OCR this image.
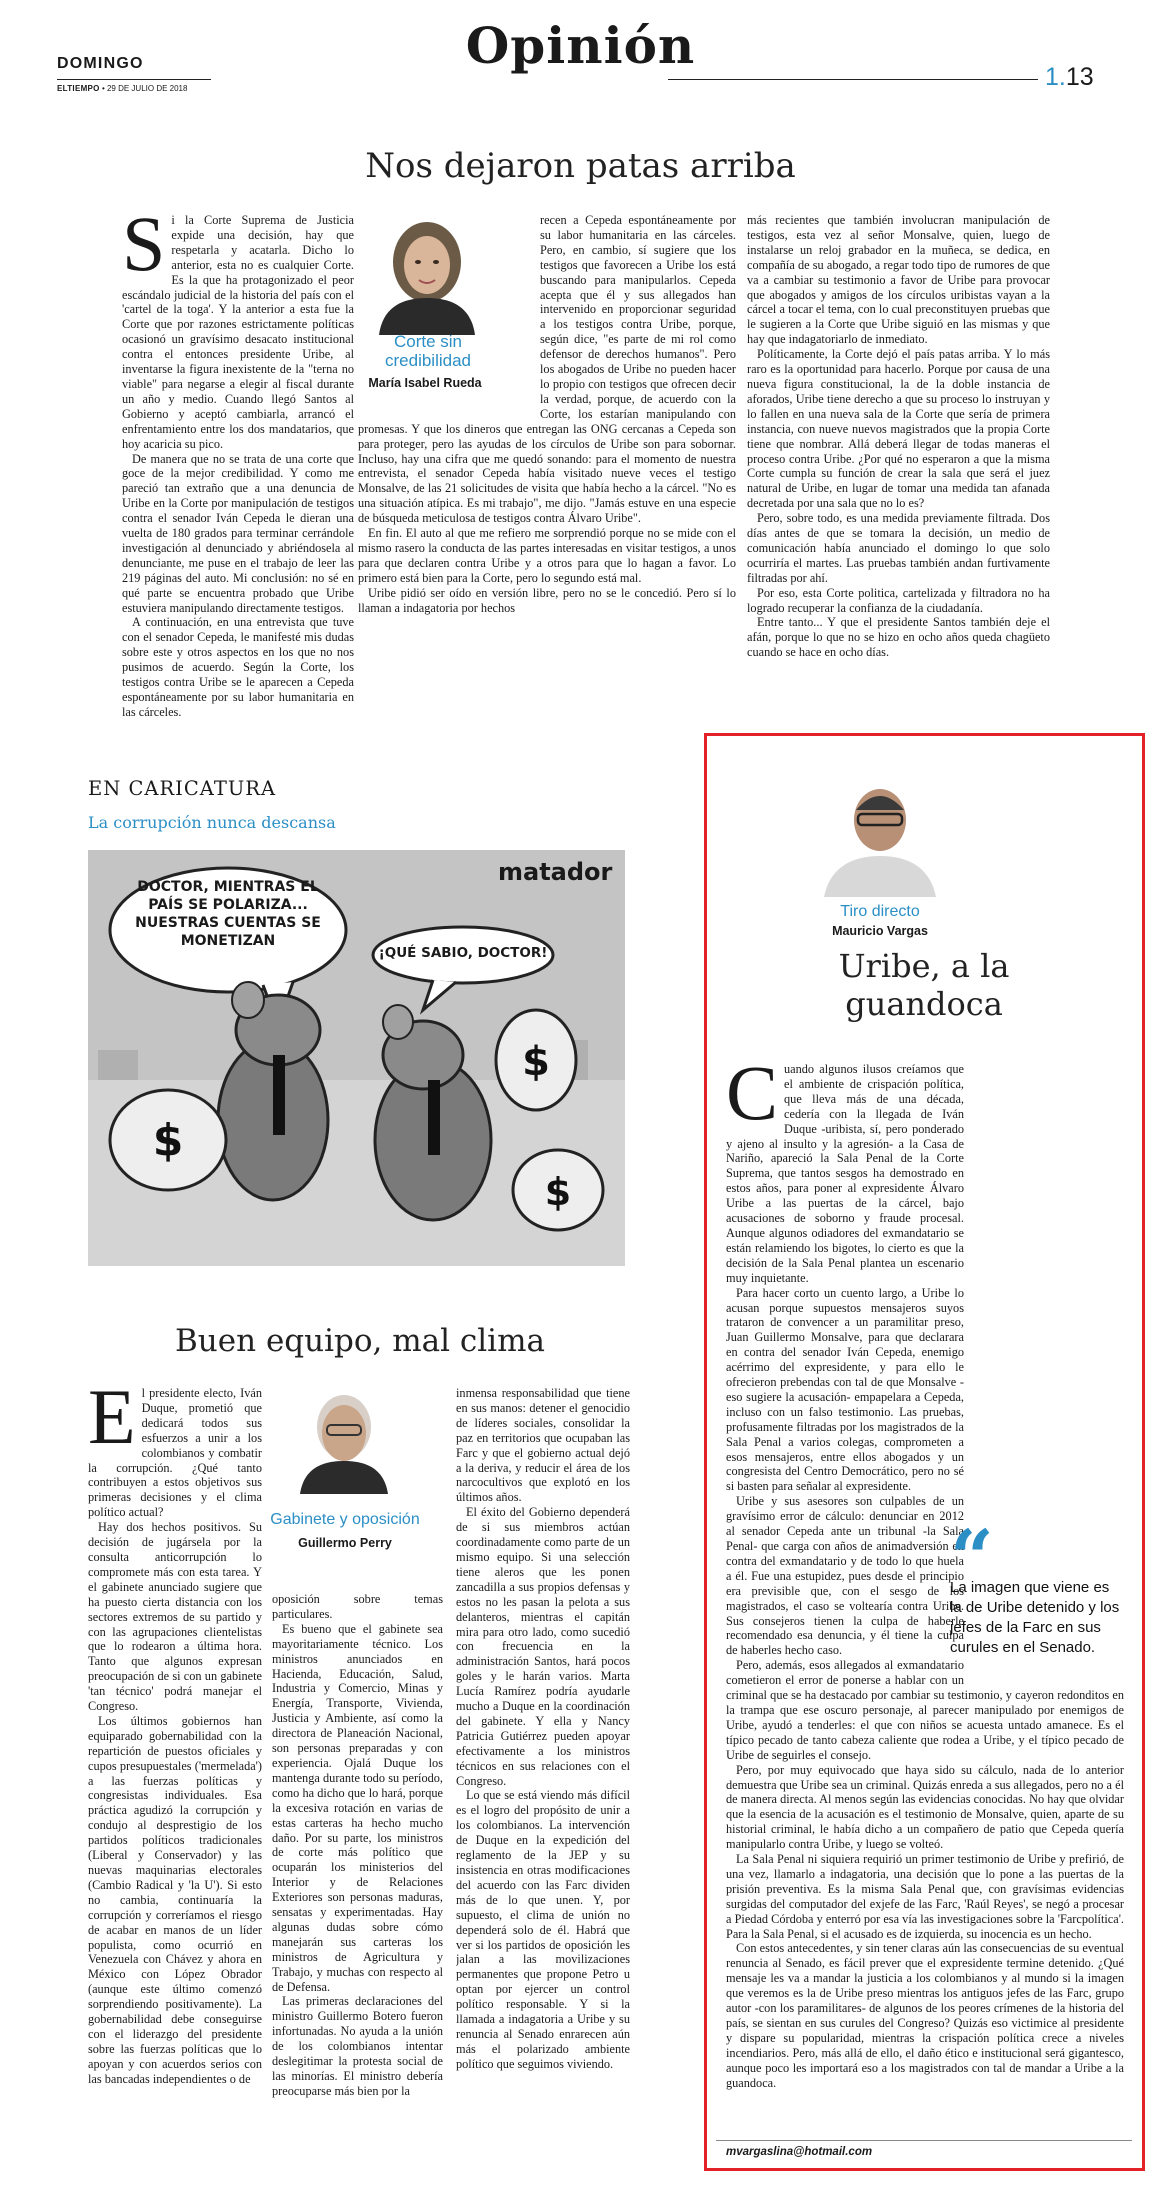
Opinión
DOMINGO
ELTIEMPO • 29 DE JULIO DE 2018	1.13
Nos dejaron patas arriba

Si la Corte Suprema de Justicia expide una decisión, hay que respetarla y acatarla. Dicho lo anterior, esta no es cualquier Corte. Es la que ha protagonizado el peor escándalo judicial de la historia del país con el 'cartel de la toga'. Y la anterior a esta fue la Corte que por razones estrictamente políticas ocasionó un gravísimo desacato institucional contra el entonces presidente Uribe, al inventarse la figura inexistente de la "terna no viable" para negarse a elegir al fiscal durante un año y medio. Cuando llegó Santos al Gobierno y aceptó cambiarla, arrancó el enfrentamiento entre los dos mandatarios, que hoy acaricia su pico.

De manera que no se trata de una corte que goce de la mejor credibilidad. Y como me pareció tan extraño que a una denuncia de Uribe en la Corte por manipulación de testigos contra el senador Iván Cepeda le dieran una vuelta de 180 grados para terminar cerrándole investigación al denunciado y abriéndosela al denunciante, me puse en el trabajo de leer las 219 páginas del auto. Mi conclusión: no sé en qué parte se encuentra probado que Uribe estuviera manipulando directamente testigos.

A continuación, en una entrevista que tuve con el senador Cepeda, le manifesté mis dudas sobre este y otros aspectos en los que no nos pusimos de acuerdo. Según la Corte, los testigos contra Uribe se le aparecen a Cepeda espontáneamente por su labor humanitaria en las cárceles.

Corte sin credibilidad
María Isabel Rueda

recen a Cepeda espontáneamente por su labor humanitaria en las cárceles. Pero, en cambio, sí sugiere que los testigos que favorecen a Uribe los está buscando para manipularlos. Cepeda acepta que él y sus allegados han intervenido en proporcionar seguridad a los testigos contra Uribe, porque, según dice, "es parte de mi rol como defensor de derechos humanos". Pero los abogados de Uribe no pueden hacer lo propio con testigos que ofrecen decir la verdad, porque, de acuerdo con la Corte, los estarían manipulando con promesas. Y que los dineros que entregan las ONG cercanas a Cepeda son para proteger, pero las ayudas de los círculos de Uribe son para sobornar. Incluso, hay una cifra que me quedó sonando: para el momento de nuestra entrevista, el senador Cepeda había visitado nueve veces el testigo Monsalve, de las 21 solicitudes de visita que había hecho a la cárcel. "No es una situación atípica. Es mi trabajo", me dijo. "Jamás estuve en una especie de búsqueda meticulosa de testigos contra Álvaro Uribe".

En fin. El auto al que me refiero me sorprendió porque no se mide con el mismo rasero la conducta de las partes interesadas en visitar testigos, a unos para que declaren contra Uribe y a otros para que lo hagan a favor. Lo primero está bien para la Corte, pero lo segundo está mal.

Uribe pidió ser oído en versión libre, pero no se le concedió. Pero sí lo llaman a indagatoria por hechos

más recientes que también involucran manipulación de testigos, esta vez al señor Monsalve, quien, luego de instalarse un reloj grabador en la muñeca, se dedica, en compañía de su abogado, a regar todo tipo de rumores de que va a cambiar su testimonio a favor de Uribe para provocar que abogados y amigos de los círculos uribistas vayan a la cárcel a tocar el tema, con lo cual preconstituyen pruebas que le sugieren a la Corte que Uribe siguió en las mismas y que hay que indagatoriarlo de inmediato.

Políticamente, la Corte dejó el país patas arriba. Y lo más raro es la oportunidad para hacerlo. Porque por causa de una nueva figura constitucional, la de la doble instancia de aforados, Uribe tiene derecho a que su proceso lo instruyan y lo fallen en una nueva sala de la Corte que sería de primera instancia, con nueve nuevos magistrados que la propia Corte tiene que nombrar. Allá deberá llegar de todas maneras el proceso contra Uribe. ¿Por qué no esperaron a que la misma Corte cumpla su función de crear la sala que será el juez natural de Uribe, en lugar de tomar una medida tan afanada decretada por una sala que no lo es?

Pero, sobre todo, es una medida previamente filtrada. Dos días antes de que se tomara la decisión, un medio de comunicación había anunciado el domingo lo que solo ocurriría el martes. Las pruebas también andan furtivamente filtradas por ahí.

Por eso, esta Corte politica, cartelizada y filtradora no ha logrado recuperar la confianza de la ciudadanía.

Entre tanto... Y que el presidente Santos también deje el afán, porque lo que no se hizo en ocho años queda chagüeto cuando se hace en ocho días.

EN CARICATURA
La corrupción nunca descansa
$
$
$
DOCTOR, MIENTRAS EL PAÍS SE POLARIZA... NUESTRAS CUENTAS SE MONETIZAN
¡QUÉ SABIO, DOCTOR!
matador
Buen equipo, mal clima

El presidente electo, Iván Duque, prometió que dedicará todos sus esfuerzos a unir a los colombianos y combatir la corrupción. ¿Qué tanto contribuyen a estos objetivos sus primeras decisiones y el clima político actual?

Hay dos hechos positivos. Su decisión de jugársela por la consulta anticorrupción lo compromete más con esta tarea. Y el gabinete anunciado sugiere que ha puesto cierta distancia con los sectores extremos de su partido y con las agrupaciones clientelistas que lo rodearon a última hora. Tanto que algunos expresan preocupación de si con un gabinete 'tan técnico' podrá manejar el Congreso.

Los últimos gobiernos han equiparado gobernabilidad con la repartición de puestos oficiales y cupos presupuestales ('mermelada') a las fuerzas políticas y congresistas individuales. Esa práctica agudizó la corrupción y condujo al desprestigio de los partidos políticos tradicionales (Liberal y Conservador) y las nuevas maquinarias electorales (Cambio Radical y 'la U'). Si esto no cambia, continuaría la corrupción y correríamos el riesgo de acabar en manos de un líder populista, como ocurrió en Venezuela con Chávez y ahora en México con López Obrador (aunque este último comenzó sorprendiendo positivamente). La gobernabilidad debe conseguirse con el liderazgo del presidente sobre las fuerzas políticas que lo apoyan y con acuerdos serios con las bancadas independientes o de

Gabinete y oposición
Guillermo Perry

oposición sobre temas particulares.

Es bueno que el gabinete sea mayoritariamente técnico. Los ministros anunciados en Hacienda, Educación, Salud, Industria y Comercio, Minas y Energía, Transporte, Vivienda, Justicia y Ambiente, así como la directora de Planeación Nacional, son personas preparadas y con experiencia. Ojalá Duque los mantenga durante todo su período, como ha dicho que lo hará, porque la excesiva rotación en varias de estas carteras ha hecho mucho daño. Por su parte, los ministros de corte más político que ocuparán los ministerios del Interior y de Relaciones Exteriores son personas maduras, sensatas y experimentadas. Hay algunas dudas sobre cómo manejarán sus carteras los ministros de Agricultura y Trabajo, y muchas con respecto al de Defensa.

Las primeras declaraciones del ministro Guillermo Botero fueron infortunadas. No ayuda a la unión de los colombianos intentar deslegitimar la protesta social de las minorías. El ministro debería preocuparse más bien por la

inmensa responsabilidad que tiene en sus manos: detener el genocidio de líderes sociales, consolidar la paz en territorios que ocupaban las Farc y que el gobierno actual dejó a la deriva, y reducir el área de los narcocultivos que explotó en los últimos años.

El éxito del Gobierno dependerá de si sus miembros actúan coordinadamente como parte de un mismo equipo. Si una selección tiene aleros que les ponen zancadilla a sus propios defensas y estos no les pasan la pelota a sus delanteros, mientras el capitán mira para otro lado, como sucedió con frecuencia en la administración Santos, hará pocos goles y le harán varios. Marta Lucía Ramírez podría ayudarle mucho a Duque en la coordinación del gabinete. Y ella y Nancy Patricia Gutiérrez pueden apoyar efectivamente a los ministros técnicos en sus relaciones con el Congreso.

Lo que se está viendo más difícil es el logro del propósito de unir a los colombianos. La intervención de Duque en la expedición del reglamento de la JEP y su insistencia en otras modificaciones del acuerdo con las Farc dividen más de lo que unen. Y, por supuesto, el clima de unión no dependerá solo de él. Habrá que ver si los partidos de oposición les jalan a las movilizaciones permanentes que propone Petro u optan por ejercer un control político responsable. Y si la llamada a indagatoria a Uribe y su renuncia al Senado enrarecen aún más el polarizado ambiente político que seguimos viviendo.

Tiro directo
Mauricio Vargas
Uribe, a la
guandoca

Cuando algunos ilusos creíamos que el ambiente de crispación política, que lleva más de una década, cedería con la llegada de Iván Duque -uribista, sí, pero ponderado y ajeno al insulto y la agresión- a la Casa de Nariño, apareció la Sala Penal de la Corte Suprema, que tantos sesgos ha demostrado en estos años, para poner al expresidente Álvaro Uribe a las puertas de la cárcel, bajo acusaciones de soborno y fraude procesal. Aunque algunos odiadores del exmandatario se están relamiendo los bigotes, lo cierto es que la decisión de la Sala Penal plantea un escenario muy inquietante.

Para hacer corto un cuento largo, a Uribe lo acusan porque supuestos mensajeros suyos trataron de convencer a un paramilitar preso, Juan Guillermo Monsalve, para que declarara en contra del senador Iván Cepeda, enemigo acérrimo del expresidente, y para ello le ofrecieron prebendas con tal de que Monsalve -eso sugiere la acusación- empapelara a Cepeda, incluso con un falso testimonio. Las pruebas, profusamente filtradas por los magistrados de la Sala Penal a varios colegas, comprometen a esos mensajeros, entre ellos abogados y un congresista del Centro Democrático, pero no sé si basten para señalar al expresidente.

Uribe y sus asesores son culpables de un gravísimo error de cálculo: denunciar en 2012 al senador Cepeda ante un tribunal -la Sala Penal- que carga con años de animadversión en contra del exmandatario y de todo lo que huela a él. Fue una estupidez, pues desde el principio era previsible que, con el sesgo de los magistrados, el caso se voltearía contra Uribe. Sus consejeros tienen la culpa de haberle recomendado esa denuncia, y él tiene la culpa de haberles hecho caso.

Pero, además, esos allegados al exmandatario cometieron el error de ponerse a hablar con un criminal que se ha destacado por cambiar su testimonio, y cayeron redonditos en la trampa que ese oscuro personaje, al parecer manipulado por enemigos de Uribe, ayudó a tenderles: el que con niños se acuesta untado amanece. Es el típico pecado de tanto cabeza caliente que rodea a Uribe, y el típico pecado de Uribe de seguirles el consejo.

Pero, por muy equivocado que haya sido su cálculo, nada de lo anterior demuestra que Uribe sea un criminal. Quizás enreda a sus allegados, pero no a él de manera directa. Al menos según las evidencias conocidas. No hay que olvidar que la esencia de la acusación es el testimonio de Monsalve, quien, aparte de su historial criminal, le había dicho a un compañero de patio que Cepeda quería manipularlo contra Uribe, y luego se volteó.

La Sala Penal ni siquiera requirió un primer testimonio de Uribe y prefirió, de una vez, llamarlo a indagatoria, una decisión que lo pone a las puertas de la prisión preventiva. Es la misma Sala Penal que, con gravísimas evidencias surgidas del computador del exjefe de las Farc, 'Raúl Reyes', se negó a procesar a Piedad Córdoba y enterró por esa vía las investigaciones sobre la 'Farcpolítica'. Para la Sala Penal, si el acusado es de izquierda, su inocencia es un hecho.

Con estos antecedentes, y sin tener claras aún las consecuencias de su eventual renuncia al Senado, es fácil prever que el expresidente termine detenido. ¿Qué mensaje les va a mandar la justicia a los colombianos y al mundo si la imagen que veremos es la de Uribe preso mientras los antiguos jefes de las Farc, grupo autor -con los paramilitares- de algunos de los peores crímenes de la historia del país, se sientan en sus curules del Congreso? Quizás eso victimice al presidente y dispare su popularidad, mientras la crispación política crece a niveles incendiarios. Pero, más allá de ello, el daño ético e institucional será gigantesco, aunque poco les importará eso a los magistrados con tal de mandar a Uribe a la guandoca.

“
La imagen que viene es la de Uribe detenido y los jefes de la Farc en sus curules en el Senado.
mvargaslina@hotmail.com
